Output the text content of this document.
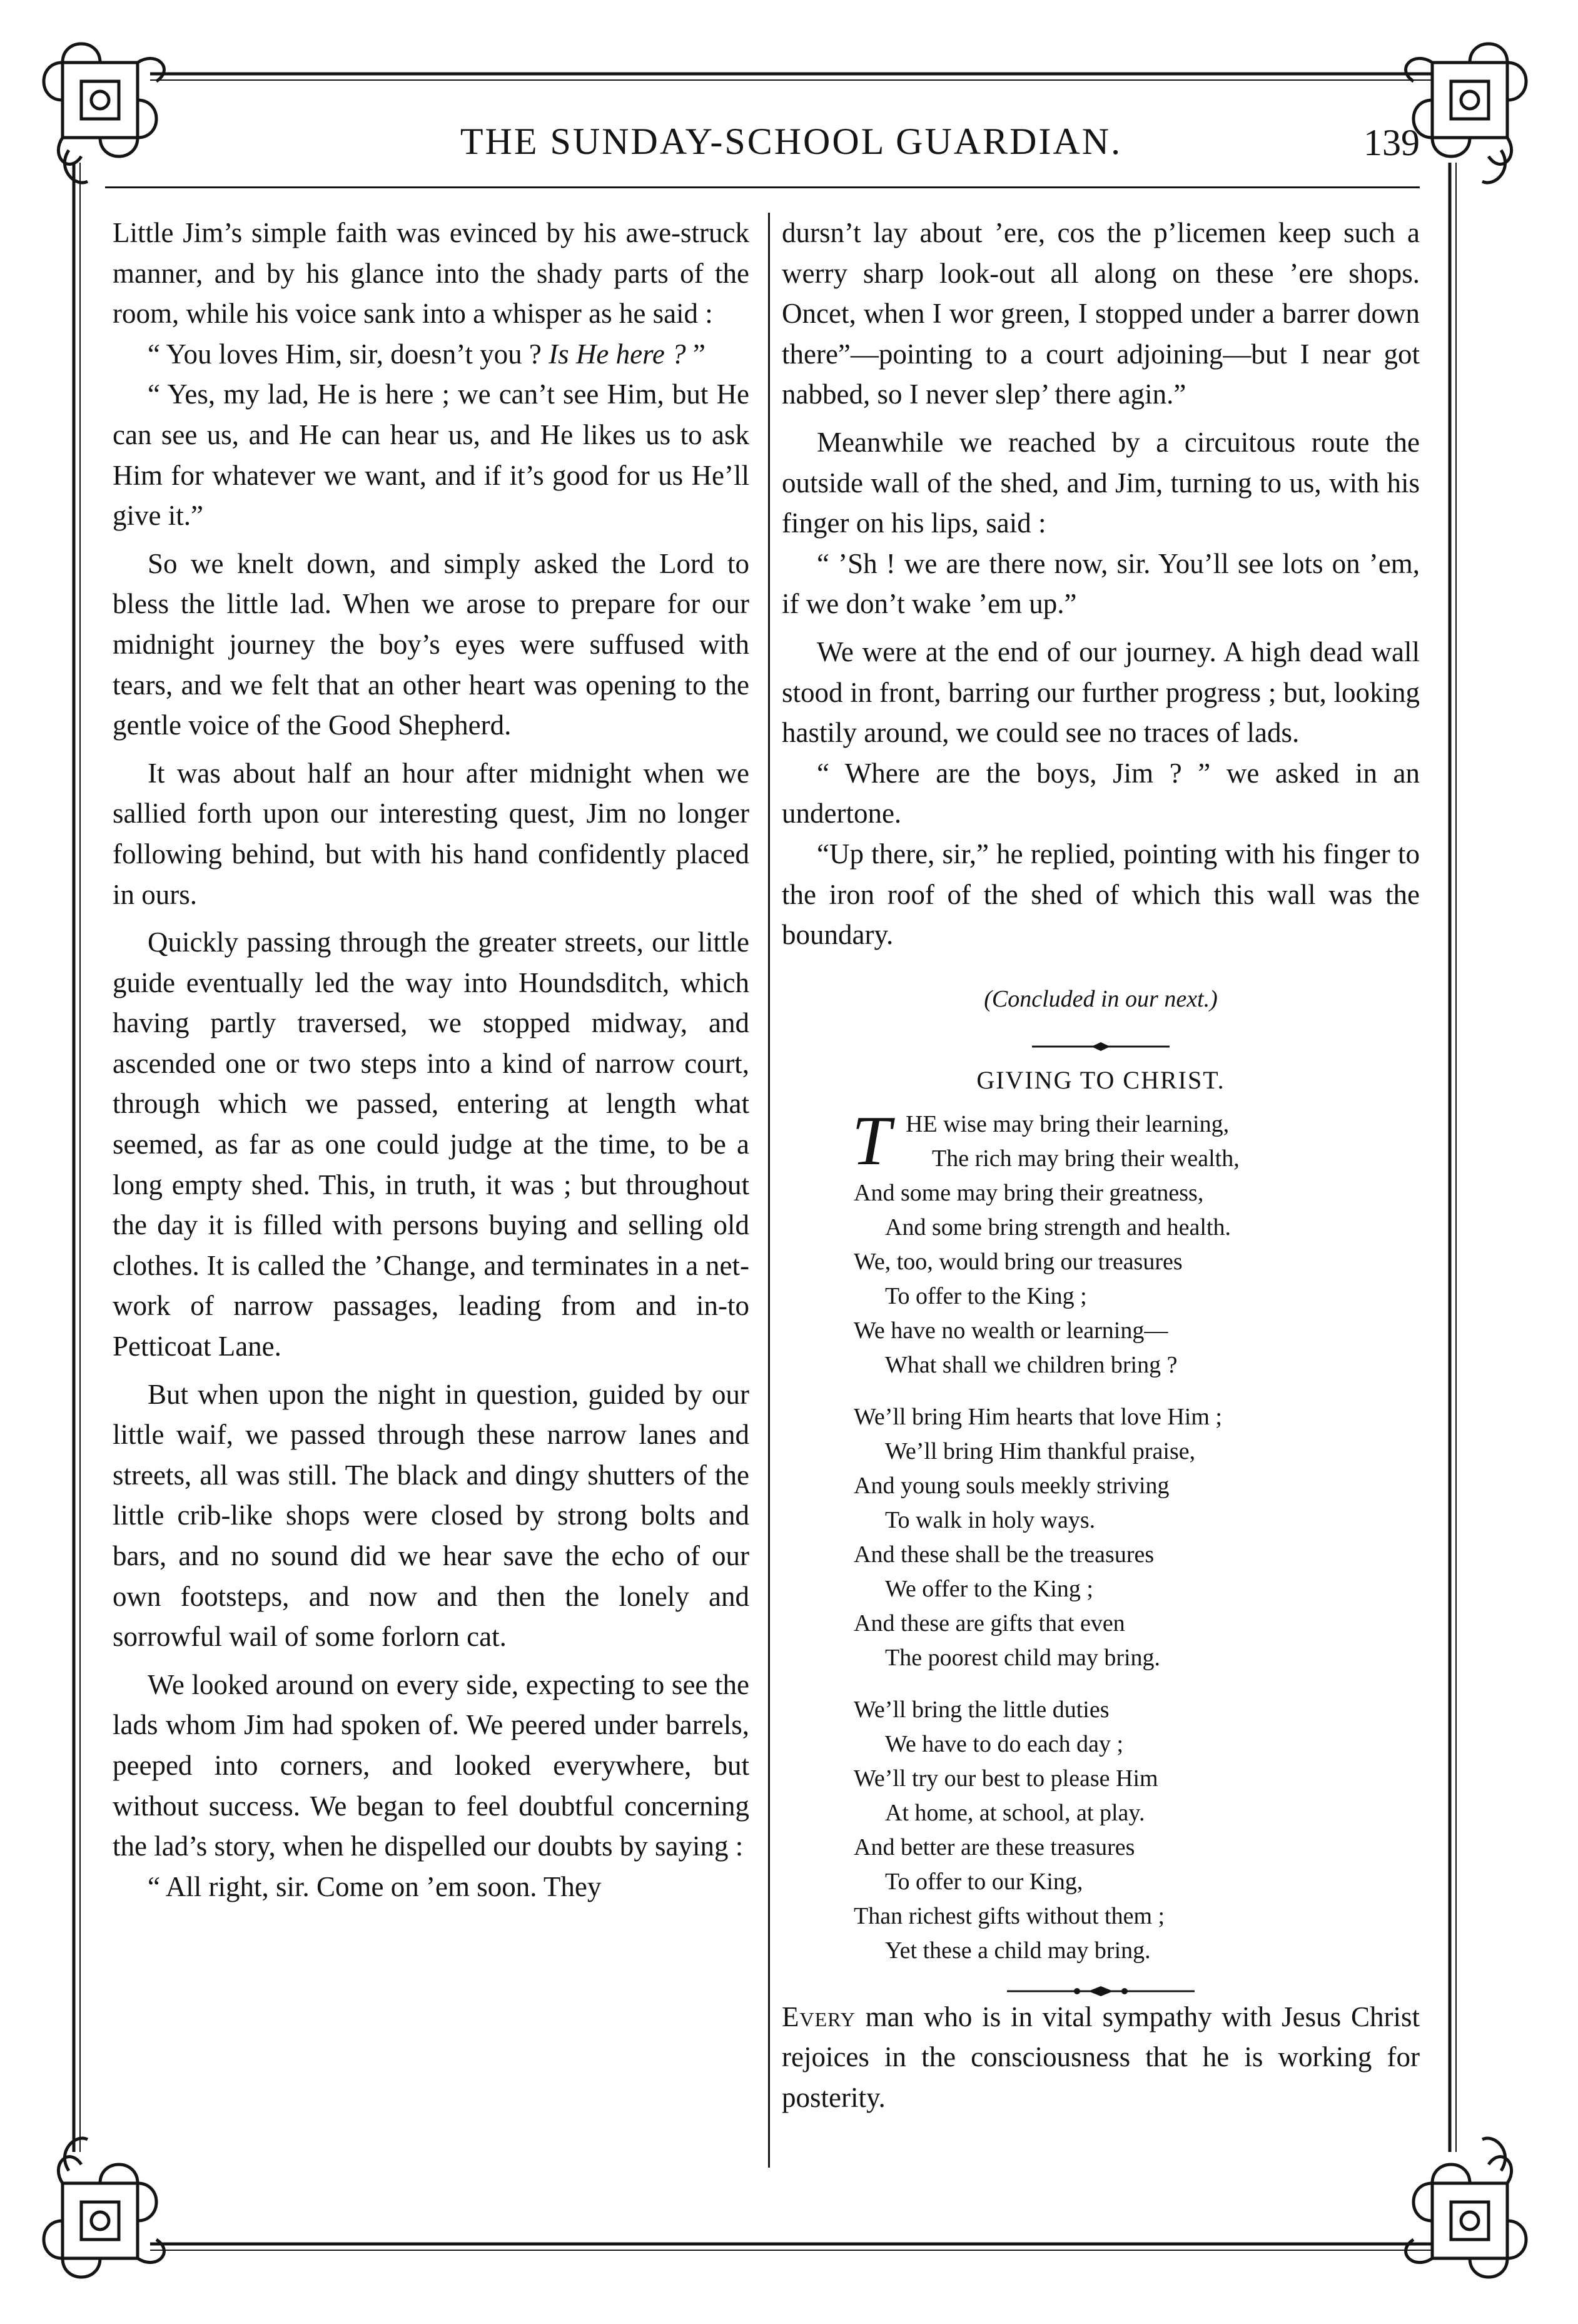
THE SUNDAY-SCHOOL GUARDIAN.	139

Little Jim’s simple faith was evinced by his awe-struck manner, and by his glance into the shady parts of the room, while his voice sank into a whisper as he said :

“ You loves Him, sir, doesn’t you ? Is He here ? ”

“ Yes, my lad, He is here ; we can’t see Him, but He can see us, and He can hear us, and He likes us to ask Him for whatever we want, and if it’s good for us He’ll give it.”

So we knelt down, and simply asked the Lord to bless the little lad. When we arose to prepare for our midnight journey the boy’s eyes were suffused with tears, and we felt that an other heart was opening to the gentle voice of the Good Shepherd.

It was about half an hour after midnight when we sallied forth upon our interesting quest, Jim no longer following behind, but with his hand confidently placed in ours.

Quickly passing through the greater streets, our little guide eventually led the way into Houndsditch, which having partly traversed, we stopped midway, and ascended one or two steps into a kind of narrow court, through which we passed, entering at length what seemed, as far as one could judge at the time, to be a long empty shed. This, in truth, it was ; but throughout the day it is filled with persons buying and selling old clothes. It is called the ’Change, and terminates in a net-work of narrow passages, leading from and in-to Petticoat Lane.

But when upon the night in question, guided by our little waif, we passed through these narrow lanes and streets, all was still. The black and dingy shutters of the little crib-like shops were closed by strong bolts and bars, and no sound did we hear save the echo of our own footsteps, and now and then the lonely and sorrowful wail of some forlorn cat.

We looked around on every side, expecting to see the lads whom Jim had spoken of. We peered under barrels, peeped into corners, and looked everywhere, but without success. We began to feel doubtful concerning the lad’s story, when he dispelled our doubts by saying :

“ All right, sir. Come on ’em soon. They

dursn’t lay about ’ere, cos the p’licemen keep such a werry sharp look-out all along on these ’ere shops. Oncet, when I wor green, I stopped under a barrer down there”—pointing to a court adjoining—but I near got nabbed, so I never slep’ there agin.”

Meanwhile we reached by a circuitous route the outside wall of the shed, and Jim, turning to us, with his finger on his lips, said :

“ ’Sh ! we are there now, sir. You’ll see lots on ’em, if we don’t wake ’em up.”

We were at the end of our journey. A high dead wall stood in front, barring our further progress ; but, looking hastily around, we could see no traces of lads.

“ Where are the boys, Jim ? ” we asked in an undertone.

“Up there, sir,” he replied, pointing with his finger to the iron roof of the shed of which this wall was the boundary.

(Concluded in our next.)
GIVING TO CHRIST.
T HE wise may bring their learning,
The rich may bring their wealth,
And some may bring their greatness,
And some bring strength and health.
We, too, would bring our treasures
To offer to the King ;
We have no wealth or learning—
What shall we children bring ?
We’ll bring Him hearts that love Him ;
We’ll bring Him thankful praise,
And young souls meekly striving
To walk in holy ways.
And these shall be the treasures
We offer to the King ;
And these are gifts that even
The poorest child may bring.
We’ll bring the little duties
We have to do each day ;
We’ll try our best to please Him
At home, at school, at play.
And better are these treasures
To offer to our King,
Than richest gifts without them ;
Yet these a child may bring.

Every man who is in vital sympathy with Jesus Christ rejoices in the consciousness that he is working for posterity.
